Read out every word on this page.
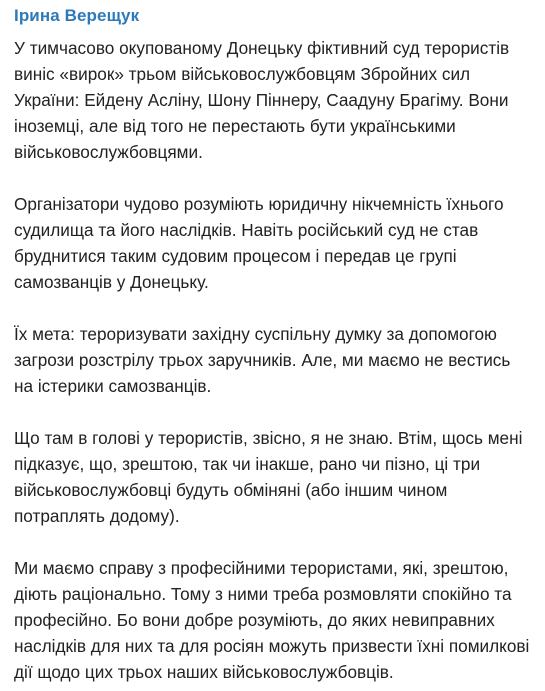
Ірина Верещук
У тимчасово окупованому Донецьку фіктивний суд терористів виніс «вирок» трьом військовослужбовцям Збройних сил України: Ейдену Асліну, Шону Піннеру, Саадуну Брагіму. Вони іноземці, але від того не перестають бути українськими військовослужбовцями.
Організатори чудово розуміють юридичну нікчемність їхнього судилища та його наслідків. Навіть російський суд не став бруднитися таким судовим процесом і передав це групі самозванців у Донецьку.
Їх мета: тероризувати західну суспільну думку за допомогою загрози розстрілу трьох заручників. Але, ми маємо не вестись на істерики самозванців.
Що там в голові у терористів, звісно, я не знаю. Втім, щось мені підказує, що, зрештою, так чи інакше, рано чи пізно, ці три військовослужбовці будуть обміняні (або іншим чином потраплять додому).
Ми маємо справу з професійними терористами, які, зрештою, діють раціонально. Тому з ними треба розмовляти спокійно та професійно. Бо вони добре розуміють, до яких невиправних наслідків для них та для росіян можуть призвести їхні помилкові дії щодо цих трьох наших військовослужбовців.
